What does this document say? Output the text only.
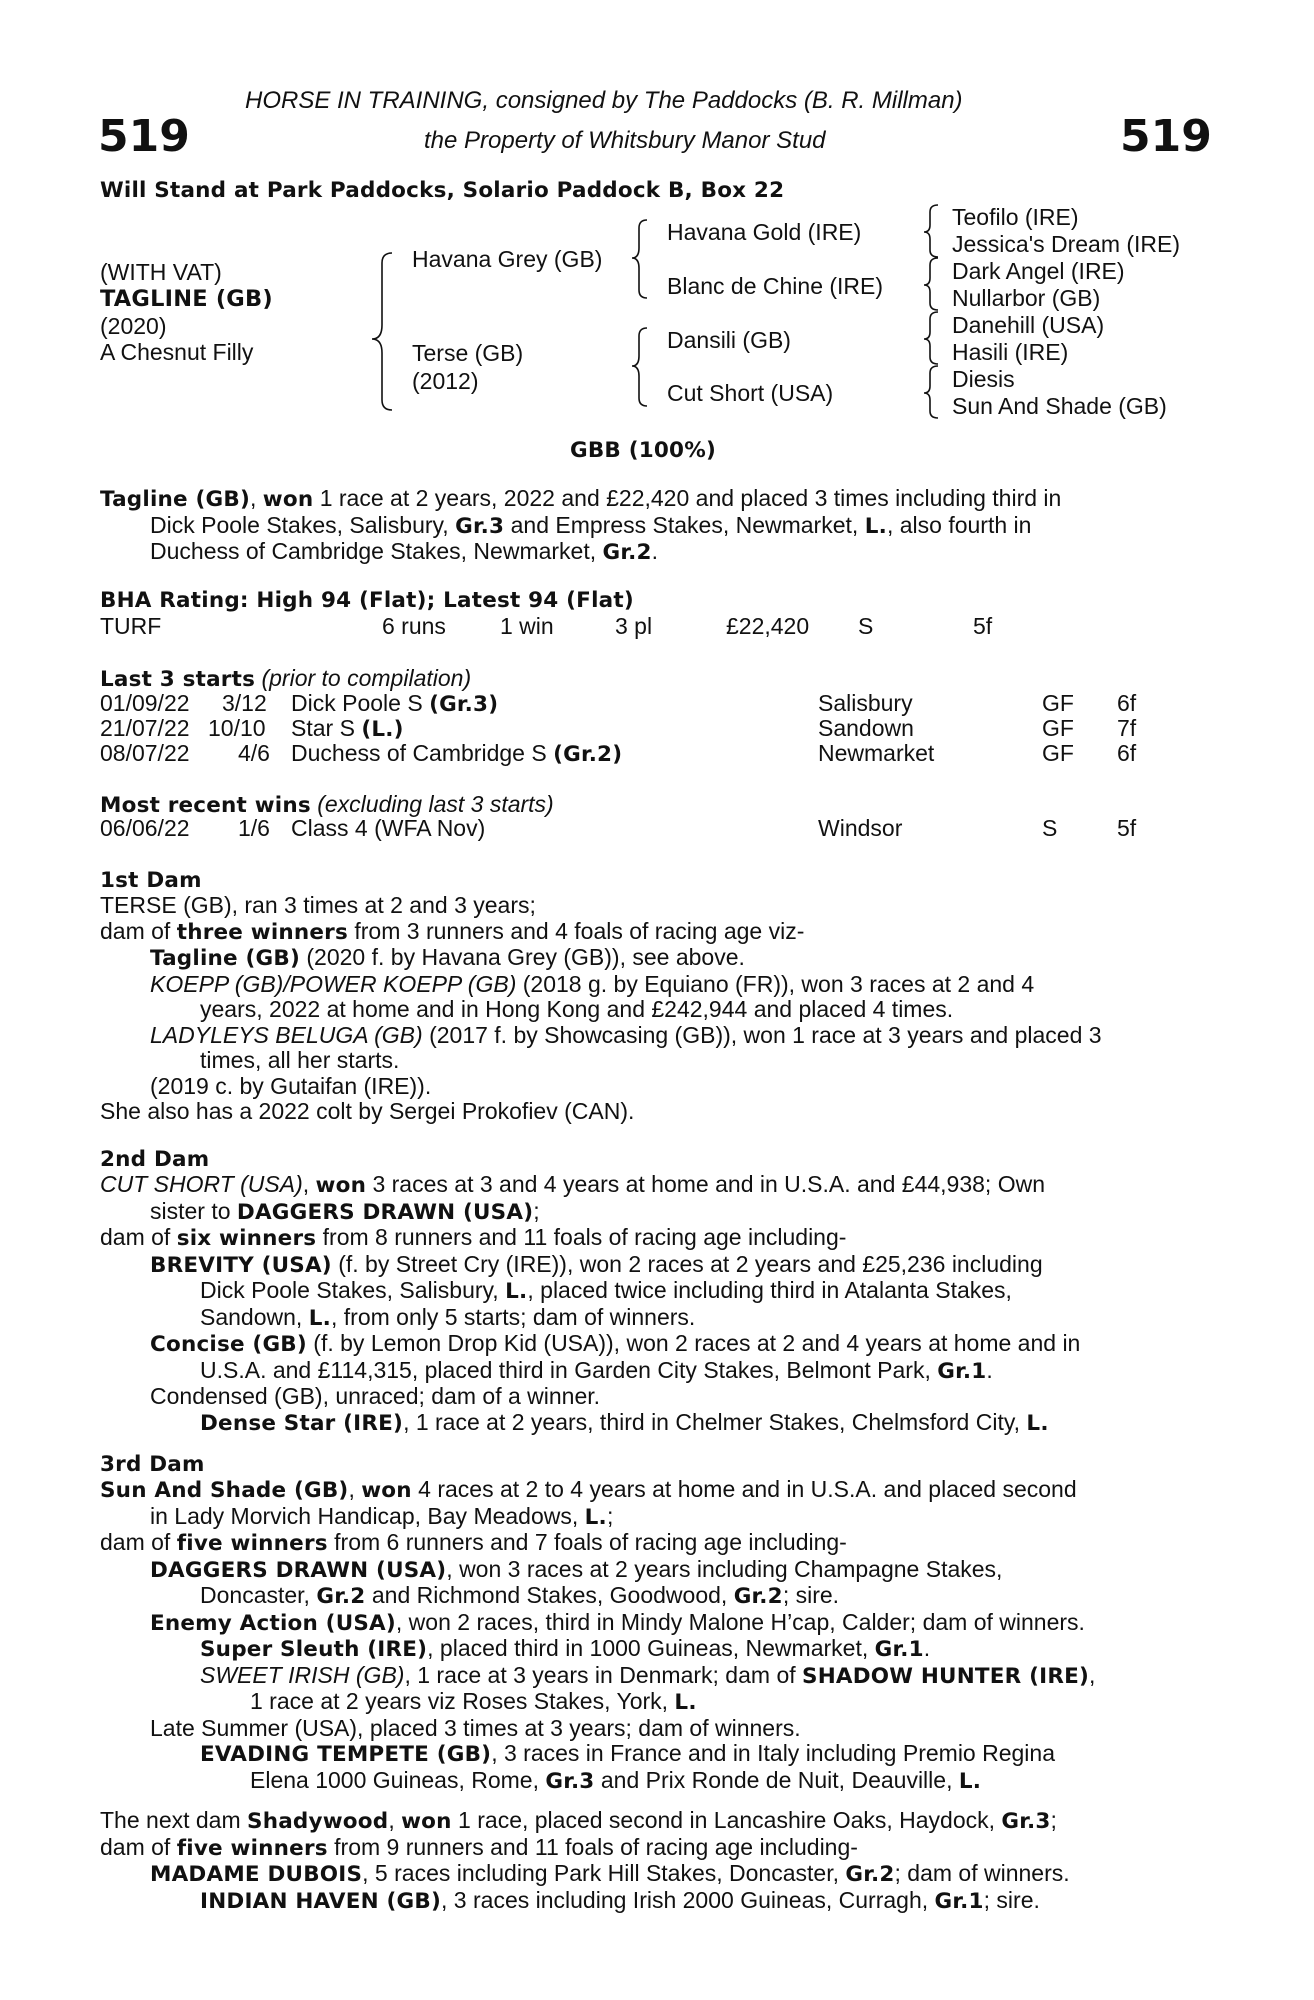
519	519
HORSE IN TRAINING, consigned by The Paddocks (B. R. Millman)
the Property of Whitsbury Manor Stud
Will Stand at Park Paddocks, Solario Paddock B, Box 22
(WITH VAT)
TAGLINE (GB)
(2020)
A Chesnut Filly
Havana Grey (GB)
Terse (GB)
(2012)
Havana Gold (IRE)
Blanc de Chine (IRE)
Dansili (GB)
Cut Short (USA)
Teofilo (IRE)
Jessica's Dream (IRE)
Dark Angel (IRE)
Nullarbor (GB)
Danehill (USA)
Hasili (IRE)
Diesis
Sun And Shade (GB)
GBB (100%)
Tagline (GB), won 1 race at 2 years, 2022 and £22,420 and placed 3 times including third in
Dick Poole Stakes, Salisbury, Gr.3 and Empress Stakes, Newmarket, L., also fourth in
Duchess of Cambridge Stakes, Newmarket, Gr.2.
BHA Rating: High 94 (Flat); Latest 94 (Flat)
TURF	6 runs 1 win	3 pl	£22,420 S	5f
Last 3 starts (prior to compilation)
01/09/22 3/12 Dick Poole S (Gr.3)	Salisbury	GF 6f
21/07/22 10/10 Star S (L.)	Sandown	GF 7f
08/07/22 4/6 Duchess of Cambridge S (Gr.2)	Newmarket	GF 6f
Most recent wins (excluding last 3 starts)
06/06/22 1/6 Class 4 (WFA Nov)	Windsor	S	5f
1st Dam
TERSE (GB), ran 3 times at 2 and 3 years;
dam of three winners from 3 runners and 4 foals of racing age viz-
Tagline (GB) (2020 f. by Havana Grey (GB)), see above.
KOEPP (GB)/POWER KOEPP (GB) (2018 g. by Equiano (FR)), won 3 races at 2 and 4
years, 2022 at home and in Hong Kong and £242,944 and placed 4 times.
LADYLEYS BELUGA (GB) (2017 f. by Showcasing (GB)), won 1 race at 3 years and placed 3
times, all her starts.
(2019 c. by Gutaifan (IRE)).
She also has a 2022 colt by Sergei Prokofiev (CAN).
2nd Dam
CUT SHORT (USA), won 3 races at 3 and 4 years at home and in U.S.A. and £44,938; Own
sister to DAGGERS DRAWN (USA);
dam of six winners from 8 runners and 11 foals of racing age including-
BREVITY (USA) (f. by Street Cry (IRE)), won 2 races at 2 years and £25,236 including
Dick Poole Stakes, Salisbury, L., placed twice including third in Atalanta Stakes,
Sandown, L., from only 5 starts; dam of winners.
Concise (GB) (f. by Lemon Drop Kid (USA)), won 2 races at 2 and 4 years at home and in
U.S.A. and £114,315, placed third in Garden City Stakes, Belmont Park, Gr.1.
Condensed (GB), unraced; dam of a winner.
Dense Star (IRE), 1 race at 2 years, third in Chelmer Stakes, Chelmsford City, L.
3rd Dam
Sun And Shade (GB), won 4 races at 2 to 4 years at home and in U.S.A. and placed second
in Lady Morvich Handicap, Bay Meadows, L.;
dam of five winners from 6 runners and 7 foals of racing age including-
DAGGERS DRAWN (USA), won 3 races at 2 years including Champagne Stakes,
Doncaster, Gr.2 and Richmond Stakes, Goodwood, Gr.2; sire.
Enemy Action (USA), won 2 races, third in Mindy Malone H’cap, Calder; dam of winners.
Super Sleuth (IRE), placed third in 1000 Guineas, Newmarket, Gr.1.
SWEET IRISH (GB), 1 race at 3 years in Denmark; dam of SHADOW HUNTER (IRE),
1 race at 2 years viz Roses Stakes, York, L.
Late Summer (USA), placed 3 times at 3 years; dam of winners.
EVADING TEMPETE (GB), 3 races in France and in Italy including Premio Regina
Elena 1000 Guineas, Rome, Gr.3 and Prix Ronde de Nuit, Deauville, L.
The next dam Shadywood, won 1 race, placed second in Lancashire Oaks, Haydock, Gr.3;
dam of five winners from 9 runners and 11 foals of racing age including-
MADAME DUBOIS, 5 races including Park Hill Stakes, Doncaster, Gr.2; dam of winners.
INDIAN HAVEN (GB), 3 races including Irish 2000 Guineas, Curragh, Gr.1; sire.
